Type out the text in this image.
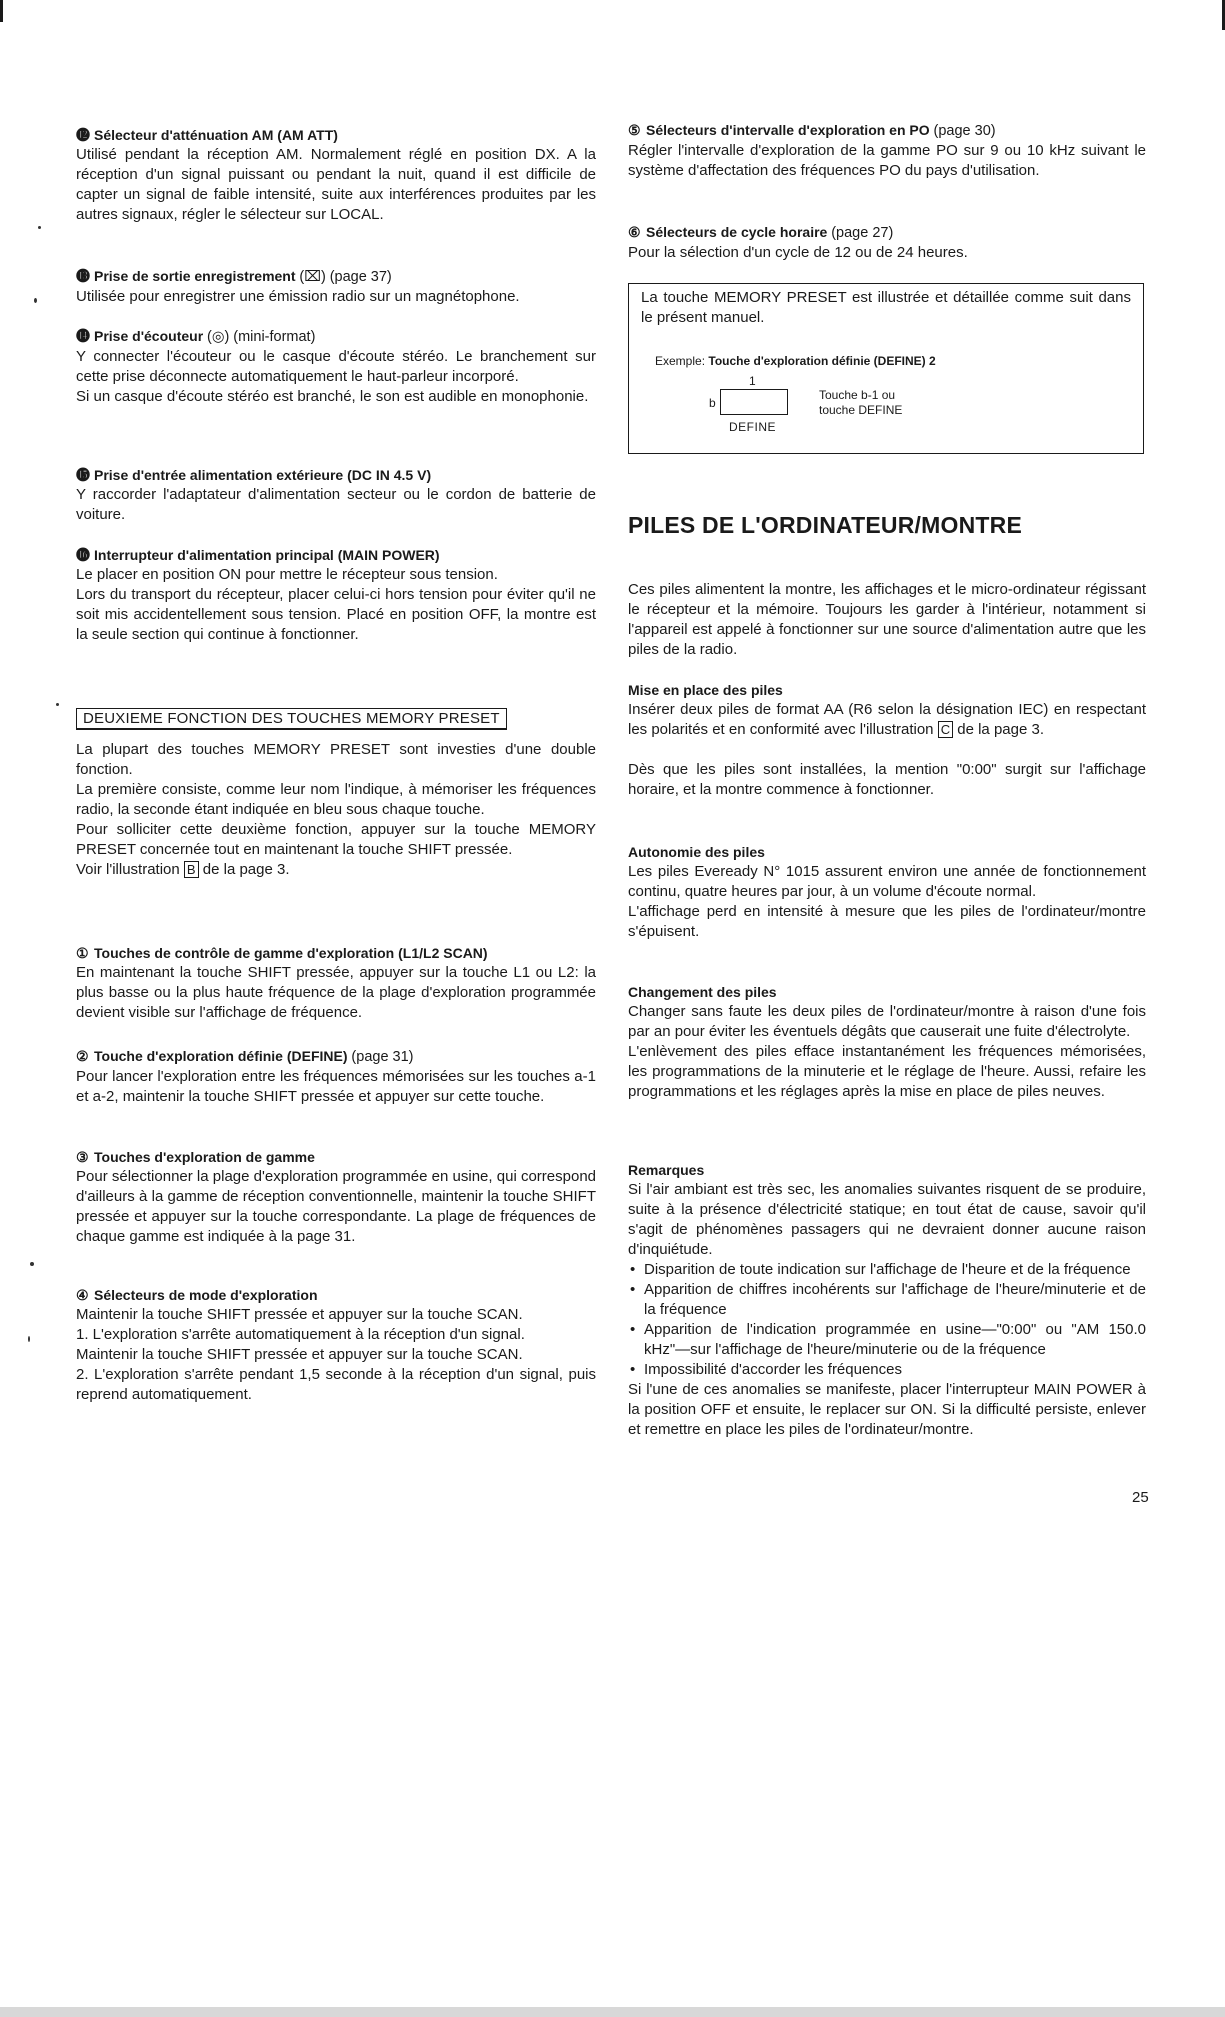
⓬ Sélecteur d'atténuation AM (AM ATT)

Utilisé pendant la réception AM. Normalement réglé en position DX. A la réception d'un signal puissant ou pendant la nuit, quand il est difficile de capter un signal de faible intensité, suite aux interférences produites par les autres signaux, régler le sélecteur sur LOCAL.

⓭ Prise de sortie enregistrement (⌧) (page 37)

Utilisée pour enregistrer une émission radio sur un magnétophone.

⓮ Prise d'écouteur (◎) (mini-format)

Y connecter l'écouteur ou le casque d'écoute stéréo. Le branchement sur cette prise déconnecte automatiquement le haut-parleur incorporé.

Si un casque d'écoute stéréo est branché, le son est audible en monophonie.

⓯ Prise d'entrée alimentation extérieure (DC IN 4.5 V)

Y raccorder l'adaptateur d'alimentation secteur ou le cordon de batterie de voiture.

⓰ Interrupteur d'alimentation principal (MAIN POWER)

Le placer en position ON pour mettre le récepteur sous tension.

Lors du transport du récepteur, placer celui-ci hors tension pour éviter qu'il ne soit mis accidentellement sous tension. Placé en position OFF, la montre est la seule section qui continue à fonctionner.

DEUXIEME FONCTION DES TOUCHES MEMORY PRESET

La plupart des touches MEMORY PRESET sont investies d'une double fonction.

La première consiste, comme leur nom l'indique, à mémoriser les fréquences radio, la seconde étant indiquée en bleu sous chaque touche.

Pour solliciter cette deuxième fonction, appuyer sur la touche MEMORY PRESET concernée tout en maintenant la touche SHIFT pressée.

Voir l'illustration B de la page 3.

① Touches de contrôle de gamme d'exploration (L1/L2 SCAN)

En maintenant la touche SHIFT pressée, appuyer sur la touche L1 ou L2: la plus basse ou la plus haute fréquence de la plage d'exploration programmée devient visible sur l'affichage de fréquence.

② Touche d'exploration définie (DEFINE) (page 31)

Pour lancer l'exploration entre les fréquences mémorisées sur les touches a-1 et a-2, maintenir la touche SHIFT pressée et appuyer sur cette touche.

③ Touches d'exploration de gamme

Pour sélectionner la plage d'exploration programmée en usine, qui correspond d'ailleurs à la gamme de réception conventionnelle, maintenir la touche SHIFT pressée et appuyer sur la touche correspondante. La plage de fréquences de chaque gamme est indiquée à la page 31.

④ Sélecteurs de mode d'exploration

Maintenir la touche SHIFT pressée et appuyer sur la touche SCAN.

1. L'exploration s'arrête automatiquement à la réception d'un signal.

Maintenir la touche SHIFT pressée et appuyer sur la touche SCAN.

2. L'exploration s'arrête pendant 1,5 seconde à la réception d'un signal, puis reprend automatiquement.

⑤ Sélecteurs d'intervalle d'exploration en PO (page 30)

Régler l'intervalle d'exploration de la gamme PO sur 9 ou 10 kHz suivant le système d'affectation des fréquences PO du pays d'utilisation.

⑥ Sélecteurs de cycle horaire (page 27)

Pour la sélection d'un cycle de 12 ou de 24 heures.

La touche MEMORY PRESET est illustrée et détaillée comme suit dans le présent manuel.
Exemple: Touche d'exploration définie (DEFINE) 2
1
b
DEFINE
Touche b-1 ou
touche DEFINE
PILES DE L'ORDINATEUR/MONTRE

Ces piles alimentent la montre, les affichages et le micro-ordinateur régissant le récepteur et la mémoire. Toujours les garder à l'intérieur, notamment si l'appareil est appelé à fonctionner sur une source d'alimentation autre que les piles de la radio.

Mise en place des piles

Insérer deux piles de format AA (R6 selon la désignation IEC) en respectant les polarités et en conformité avec l'illustration C de la page 3.

Dès que les piles sont installées, la mention "0:00" surgit sur l'affichage horaire, et la montre commence à fonctionner.

Autonomie des piles

Les piles Eveready N° 1015 assurent environ une année de fonctionnement continu, quatre heures par jour, à un volume d'écoute normal.

L'affichage perd en intensité à mesure que les piles de l'ordinateur/montre s'épuisent.

Changement des piles

Changer sans faute les deux piles de l'ordinateur/montre à raison d'une fois par an pour éviter les éventuels dégâts que causerait une fuite d'électrolyte.

L'enlèvement des piles efface instantanément les fréquences mémorisées, les programmations de la minuterie et le réglage de l'heure. Aussi, refaire les programmations et les réglages après la mise en place de piles neuves.

Remarques

Si l'air ambiant est très sec, les anomalies suivantes risquent de se produire, suite à la présence d'électricité statique; en tout état de cause, savoir qu'il s'agit de phénomènes passagers qui ne devraient donner aucune raison d'inquiétude.

• Disparition de toute indication sur l'affichage de l'heure et de la fréquence
• Apparition de chiffres incohérents sur l'affichage de l'heure/minuterie et de la fréquence
• Apparition de l'indication programmée en usine—"0:00" ou "AM 150.0 kHz"—sur l'affichage de l'heure/minuterie ou de la fréquence
• Impossibilité d'accorder les fréquences

Si l'une de ces anomalies se manifeste, placer l'interrupteur MAIN POWER à la position OFF et ensuite, le replacer sur ON. Si la difficulté persiste, enlever et remettre en place les piles de l'ordinateur/montre.

25
